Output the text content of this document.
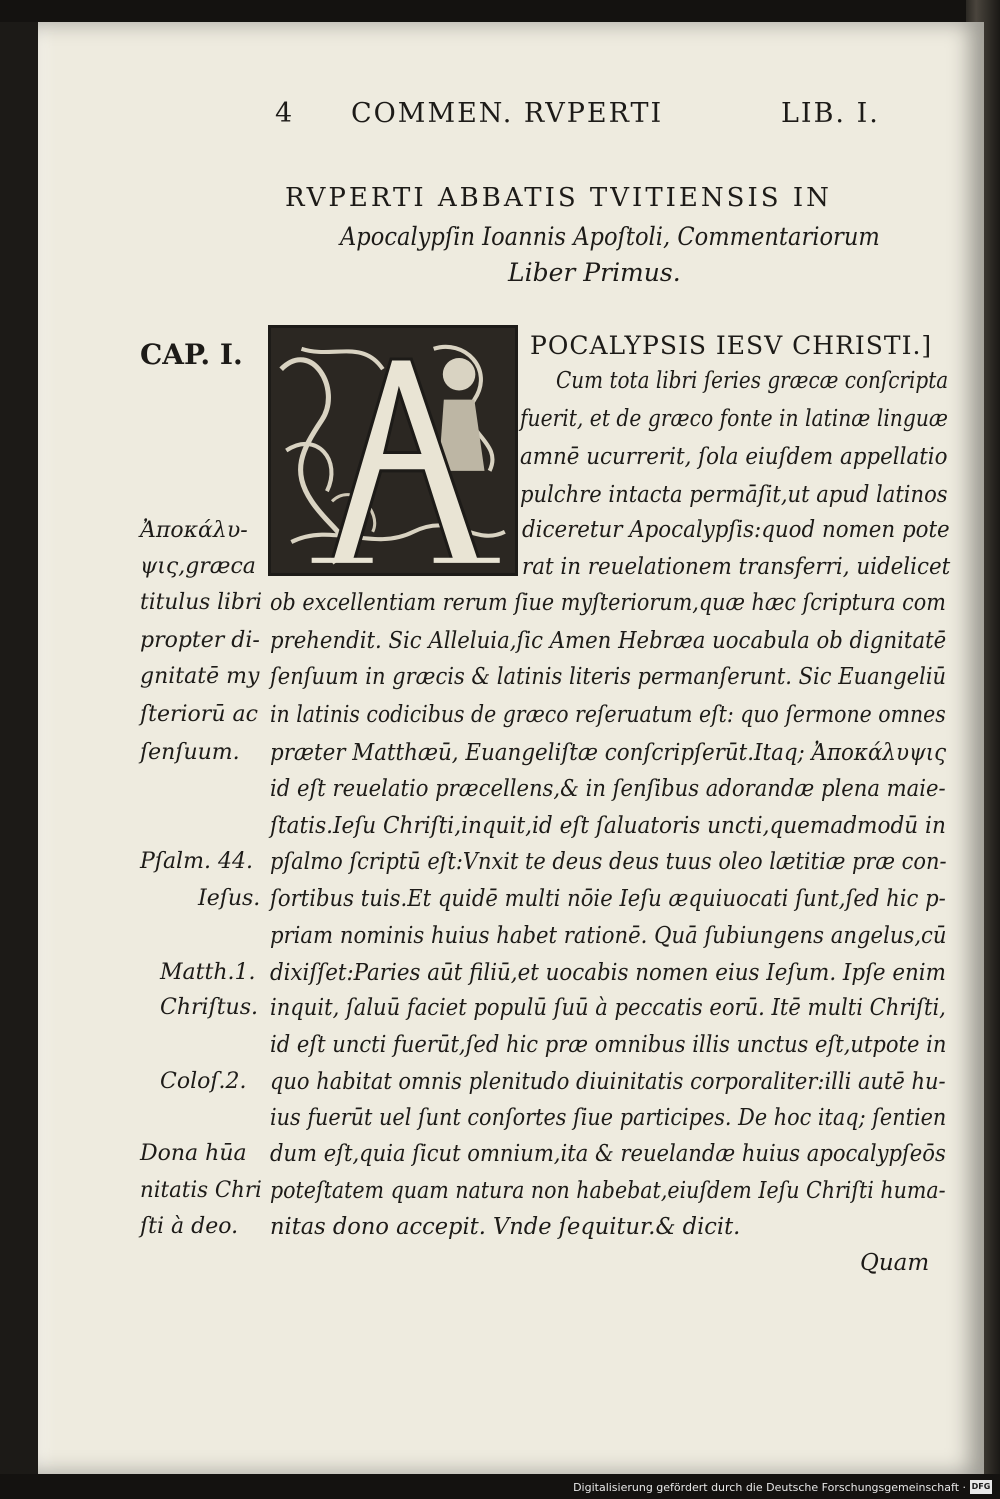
4 COMMEN. RVPERTI	LIB. I.
RVPERTI ABBATIS TVITIENSIS IN
Apocalypſin Ioannis Apoſtoli, Commentariorum
Liber Primus.
CAP. I.	POCALYPSIS IESV CHRISTI.]
Cum tota libri ſeries græcæ conſcripta
fuerit, et de græco fonte in latinæ linguæ
amnē ucurrerit, ſola eiuſdem appellatio
pulchre intacta permāſit,ut apud latinos
diceretur Apocalypſis:quod nomen pote
rat in reuelationem transferri, uidelicet
ob excellentiam rerum ſiue myſteriorum,quæ hæc ſcriptura com
prehendit. Sic Alleluia,ſic Amen Hebræa uocabula ob dignitatē
ſenſuum in græcis & latinis literis permanſerunt. Sic Euangeliū
in latinis codicibus de græco reſeruatum eſt: quo ſermone omnes
præter Matthæū, Euangeliſtæ conſcripſerūt.Itaq; Ἀποκάλυψις
id eſt reuelatio præcellens,& in ſenſibus adorandæ plena maie-
ſtatis.Ieſu Chriſti,inquit,id eſt ſaluatoris uncti,quemadmodū in
pſalmo ſcriptū eſt:Vnxit te deus deus tuus oleo lætitiæ præ con-
ſortibus tuis.Et quidē multi nōie Ieſu æquiuocati ſunt,ſed hic p-
priam nominis huius habet rationē. Quā ſubiungens angelus,cū
dixiſſet:Paries aūt filiū,et uocabis nomen eius Ieſum. Ipſe enim
inquit, ſaluū faciet populū ſuū à peccatis eorū. Itē multi Chriſti,
id eſt uncti fuerūt,ſed hic præ omnibus illis unctus eſt,utpote in
quo habitat omnis plenitudo diuinitatis corporaliter:illi autē hu-
ius fuerūt uel ſunt conſortes ſiue participes. De hoc itaq; ſentien
dum eſt,quia ſicut omnium,ita & reuelandæ huius apocalypſeōs
poteſtatem quam natura non habebat,eiuſdem Ieſu Chriſti huma-
nitas dono accepit. Vnde ſequitur.& dicit.
Ἀποκάλυ-
ψις,græca
titulus libri
propter di-
gnitatē my
ſteriorū ac
ſenſuum.
Pſalm. 44.
Ieſus.
Matth.1.
Chriſtus.
Coloſ.2.
Dona hūa
nitatis Chri
ſti à deo.
Quam
Digitalisierung gefördert durch die Deutsche Forschungsgemeinschaft · DFG
